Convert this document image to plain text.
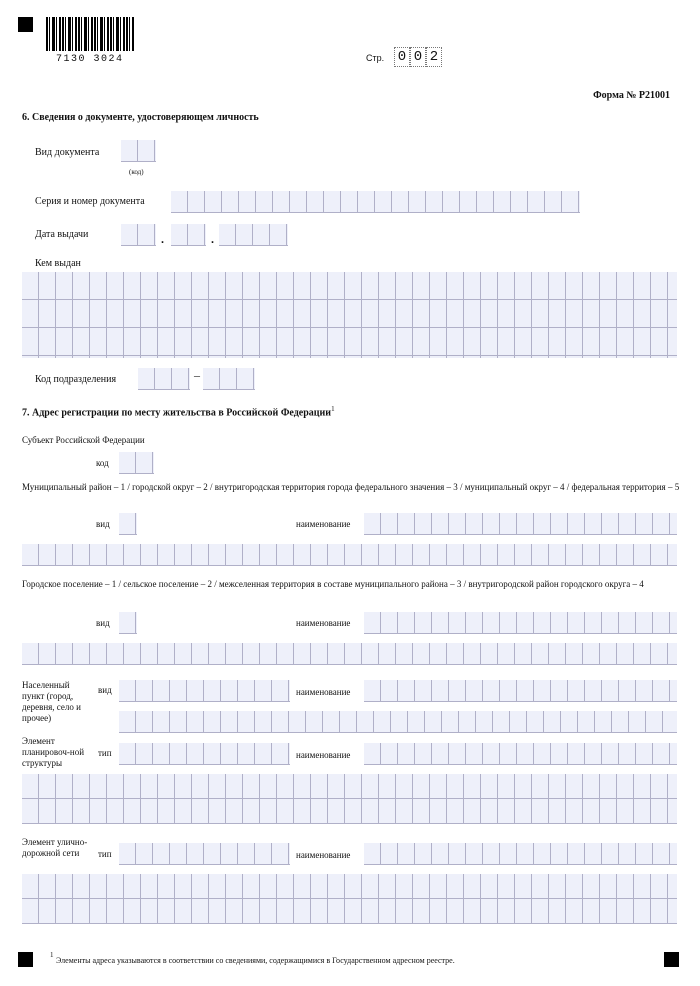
7130 3024	Стр. 0 0 2
Форма № Р21001
6. Сведения о документе, удостоверяющем личность
Вид документа
(код)
Серия и номер документа
Дата выдачи	.	.
Кем выдан
Код подразделения	–
7. Адрес регистрации по месту жительства в Российской Федерации$^1$
Субъект Российской Федерации
код
Муниципальный район – 1 / городской округ – 2 / внутригородская территория города федерального значения – 3 / муниципальный округ – 4 / федеральная территория – 5
вид	наименование
Городское поселение – 1 / сельское поселение – 2 / межселенная территория в составе муниципального района – 3 / внутригородской район городского округа – 4
вид	наименование
Населенный пункт (город, деревня, село и прочее)
вид	наименование
Элемент планировоч-ной структуры
тип	наименование
Элемент улично-дорожной сети	тип	наименование
1
Элементы адреса указываются в соответствии со сведениями, содержащимися в Государственном адресном реестре.
